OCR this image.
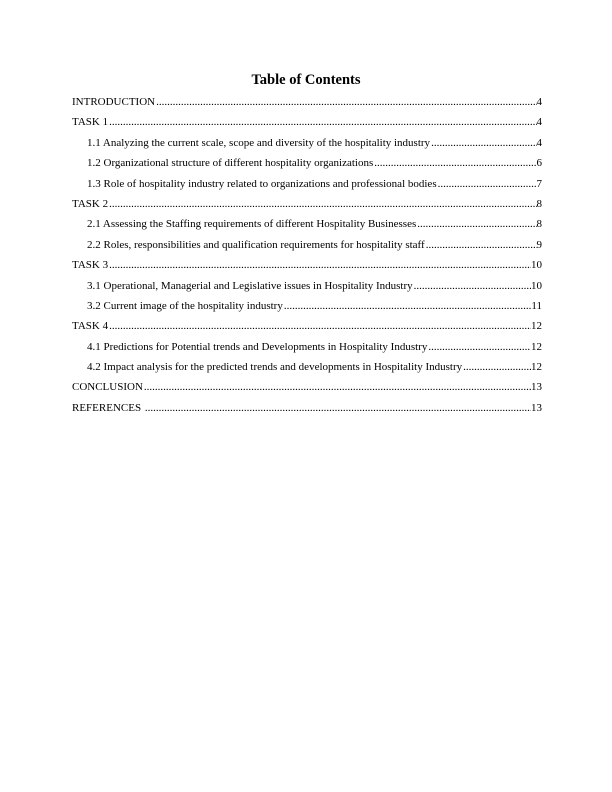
Table of Contents
INTRODUCTION .....	4
TASK 1 .....	4
1.1 Analyzing the current scale, scope and diversity of the hospitality industry .....	4
1.2 Organizational structure of different hospitality organizations .....	6
1.3 Role of hospitality industry related to organizations and professional bodies .....	7
TASK 2 .....	8
2.1 Assessing the Staffing requirements of different Hospitality Businesses .....	8
2.2 Roles, responsibilities and qualification requirements for hospitality staff .....	9
TASK 3 .....	10
3.1 Operational, Managerial and Legislative issues in Hospitality Industry .....	10
3.2 Current image of the hospitality industry .....	11
TASK 4 .....	12
4.1 Predictions for Potential trends and Developments in Hospitality Industry .....	12
4.2 Impact analysis for the predicted trends and developments in Hospitality Industry .....	12
CONCLUSION .....	13
REFERENCES .....	13
